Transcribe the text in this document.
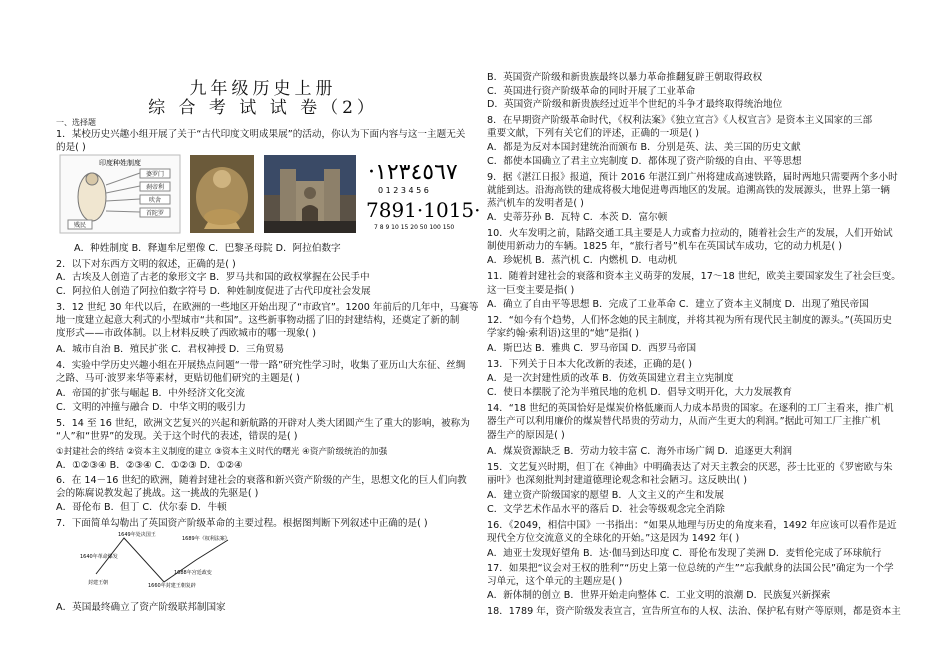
九年级历史上册
综 合 考 试 试 卷（2）
一、选择题
1．某校历史兴趣小组开展了关于“古代印度文明成果展”的活动，你认为下面内容与这一主题无关
的是( )
印度种姓制度
婆罗门
刹帝利
吠舍
首陀罗
贱民
·١٢٣٤٥٦٧
0 1 2 3 4 5 6
7891·1015·
7 8 9 10 15 20 50 100 150
A．种姓制度 B．释迦牟尼塑像 C．巴黎圣母院 D．阿拉伯数字
2．以下对东西方文明的叙述，正确的是( )
A．古埃及人创造了古老的象形文字 B．罗马共和国的政权掌握在公民手中
C．阿拉伯人创造了阿拉伯数字符号 D．种姓制度促进了古代印度社会发展
3．12 世纪 30 年代以后，在欧洲的一些地区开始出现了“市政官”。1200 年前后的几年中，马赛等
地一度建立起意大利式的小型城市“共和国”。这些新事物动摇了旧的封建结构，还奠定了新的制
度形式——市政体制。以上材料反映了西欧城市的哪一现象( )
A．城市自治 B．殖民扩张 C．君权神授 D．三角贸易
4．实验中学历史兴趣小组在开展热点问题“一带一路”研究性学习时，收集了亚历山大东征、丝绸
之路、马可·波罗来华等素材，更贴切他们研究的主题是( )
A．帝国的扩张与崛起 B．中外经济文化交流
C．文明的冲撞与融合 D．中华文明的吸引力
5．14 至 16 世纪，欧洲文艺复兴的兴起和新航路的开辟对人类大团圆产生了重大的影响，被称为
“人”和“世界”的发现。关于这个时代的表述，错误的是( )
①封建社会的终结 ②资本主义制度的建立 ③资本主义时代的曙光 ④资产阶级统治的加强
A．①②③④ B．②③④ C．①②③ D．①②④
6．在 14－16 世纪的欧洲，随着封建社会的衰落和新兴资产阶级的产生，思想文化的巨人们向教
会的陈腐说教发起了挑战。这一挑战的先驱是( )
A．哥伦布 B．但丁 C．伏尔泰 D．牛顿
7．下面简单勾勒出了英国资产阶级革命的主要过程。根据图判断下列叙述中正确的是( )
1640年革命爆发
1649年处决国王
1689年《权利法案》
1688年宫廷政变
封建王朝	1660年封建王朝复辟
A．英国最终确立了资产阶级联邦制国家
B．英国资产阶级和新贵族最终以暴力革命推翻复辟王朝取得政权
C．英国进行资产阶级革命的同时开展了工业革命
D．英国资产阶级和新贵族经过近半个世纪的斗争才最终取得统治地位
8．在早期资产阶级革命时代，《权利法案》《独立宣言》《人权宣言》是资本主义国家的三部
重要文献，下列有关它们的评述，正确的一项是( )
A．都是为反对本国封建统治而颁布 B．分别是英、法、美三国的历史文献
C．都使本国确立了君主立宪制度 D．都体现了资产阶级的自由、平等思想
9．据《湛江日报》报道，预计 2016 年湛江到广州将建成高速铁路，届时两地只需要两个多小时
就能到达。沿海高铁的建成将极大地促进粤西地区的发展。追溯高铁的发展源头，世界上第一辆
蒸汽机车的发明者是( )
A．史蒂芬孙 B．瓦特 C．本茨 D．富尔顿
10．火车发明之前，陆路交通工具主要是人力或畜力拉动的，随着社会生产的发展，人们开始试
制使用新动力的车辆。1825 年，“旅行者号”机车在英国试车成功，它的动力机是( )
A．珍妮机 B．蒸汽机 C．内燃机 D．电动机
11．随着封建社会的衰落和资本主义萌芽的发展，17～18 世纪，欧美主要国家发生了社会巨变。
这一巨变主要是指( )
A．确立了自由平等思想 B．完成了工业革命 C．建立了资本主义制度 D．出现了殖民帝国
12．“如今有个趋势，人们怀念她的民主制度，并将其视为所有现代民主制度的源头。”(英国历史
学家约翰·索利语)这里的“她”是指( )
A．斯巴达 B．雅典 C．罗马帝国 D．西罗马帝国
13．下列关于日本大化改新的表述，正确的是( )
A．是一次封建性质的改革 B．仿效英国建立君主立宪制度
C．使日本摆脱了沦为半殖民地的危机 D．倡导文明开化，大力发展教育
14．“18 世纪的英国恰好是煤炭价格低廉而人力成本昂贵的国家。在逐利的工厂主看来，推广机
器生产可以利用廉价的煤炭替代昂贵的劳动力，从而产生更大的利润。”据此可知工厂主推广机
器生产的原因是( )
A．煤炭资源缺乏 B．劳动力较丰富 C．海外市场广阔 D．追逐更大利润
15．文艺复兴时期，但丁在《神曲》中明确表达了对天主教会的厌恶，莎士比亚的《罗密欧与朱
丽叶》也深刻批判封建道德理论观念和社会陋习。这反映出( )
A．建立资产阶级国家的愿望 B．人文主义的产生和发展
C．文学艺术作品水平的落后 D．社会等级观念完全消除
16．《2049，相信中国》一书指出：“如果从地理与历史的角度来看，1492 年应该可以看作是近
现代全方位交流意义的全球化的开始。”这是因为 1492 年( )
A．迪亚士发现好望角 B．达·伽马到达印度 C．哥伦布发现了美洲 D．麦哲伦完成了环球航行
17．如果把“议会对王权的胜利”“历史上第一位总统的产生”“忘我献身的法国公民”确定为一个学
习单元，这个单元的主题应是( )
A．新体制的创立 B．世界开始走向整体 C．工业文明的浪潮 D．民族复兴新探索
18．1789 年，资产阶级发表宣言，宣告所宣布的人权、法治、保护私有财产等原则，都是资本主
